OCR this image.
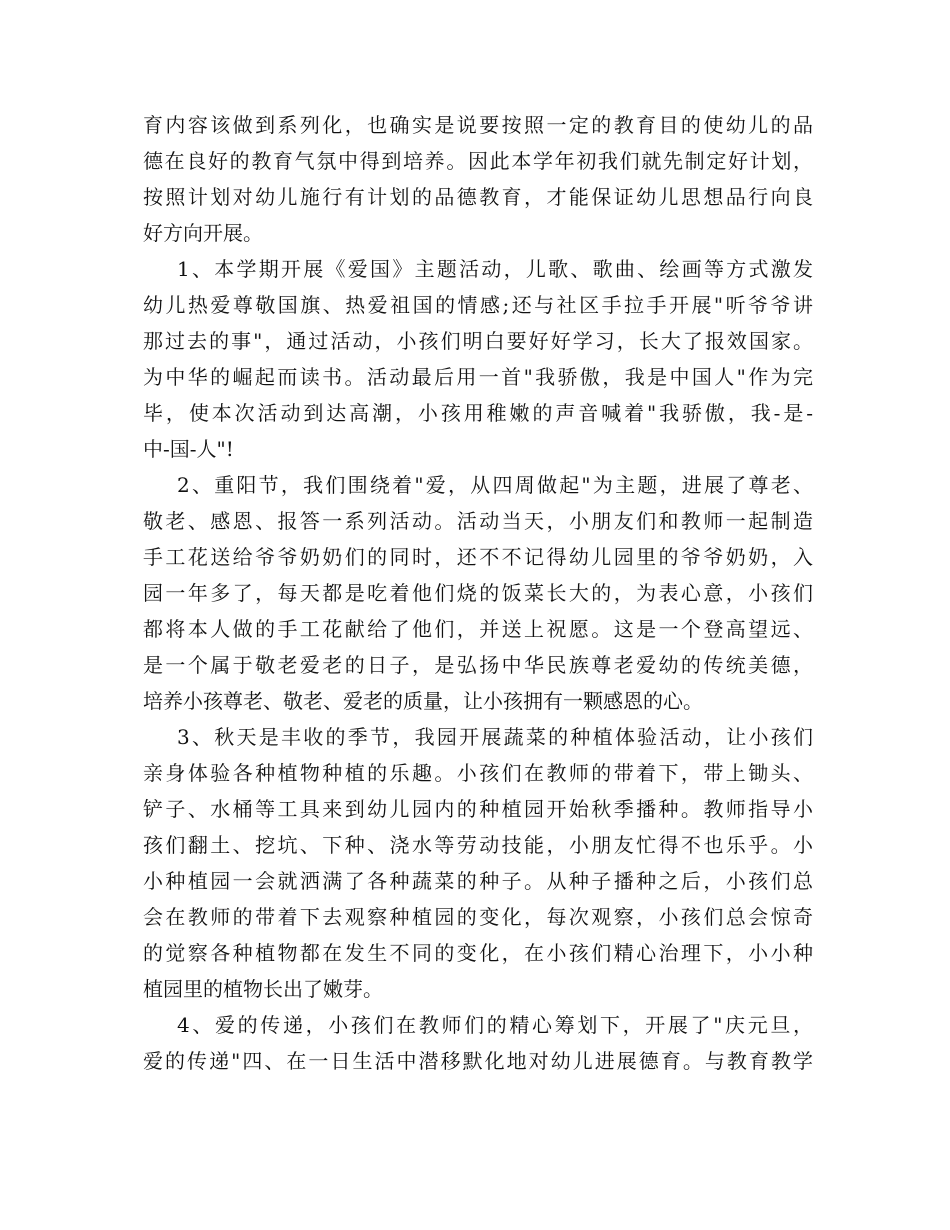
育内容该做到系列化，也确实是说要按照一定的教育目的使幼儿的品
德在良好的教育气氛中得到培养。因此本学年初我们就先制定好计划，
按照计划对幼儿施行有计划的品德教育，才能保证幼儿思想品行向良
好方向开展。
1、本学期开展《爱国》主题活动，儿歌、歌曲、绘画等方式激发
幼儿热爱尊敬国旗、热爱祖国的情感;还与社区手拉手开展"听爷爷讲
那过去的事"，通过活动，小孩们明白要好好学习，长大了报效国家。
为中华的崛起而读书。活动最后用一首"我骄傲，我是中国人"作为完
毕，使本次活动到达高潮，小孩用稚嫩的声音喊着"我骄傲，我-是-
中-国-人"!
2、重阳节，我们围绕着"爱，从四周做起"为主题，进展了尊老、
敬老、感恩、报答一系列活动。活动当天，小朋友们和教师一起制造
手工花送给爷爷奶奶们的同时，还不不记得幼儿园里的爷爷奶奶，入
园一年多了，每天都是吃着他们烧的饭菜长大的，为表心意，小孩们
都将本人做的手工花献给了他们，并送上祝愿。这是一个登高望远、
是一个属于敬老爱老的日子，是弘扬中华民族尊老爱幼的传统美德，
培养小孩尊老、敬老、爱老的质量，让小孩拥有一颗感恩的心。
3、秋天是丰收的季节，我园开展蔬菜的种植体验活动，让小孩们
亲身体验各种植物种植的乐趣。小孩们在教师的带着下，带上锄头、
铲子、水桶等工具来到幼儿园内的种植园开始秋季播种。教师指导小
孩们翻土、挖坑、下种、浇水等劳动技能，小朋友忙得不也乐乎。小
小种植园一会就洒满了各种蔬菜的种子。从种子播种之后，小孩们总
会在教师的带着下去观察种植园的变化，每次观察，小孩们总会惊奇
的觉察各种植物都在发生不同的变化，在小孩们精心治理下，小小种
植园里的植物长出了嫩芽。
4、爱的传递，小孩们在教师们的精心筹划下，开展了"庆元旦，
爱的传递"四、在一日生活中潜移默化地对幼儿进展德育。与教育教学
